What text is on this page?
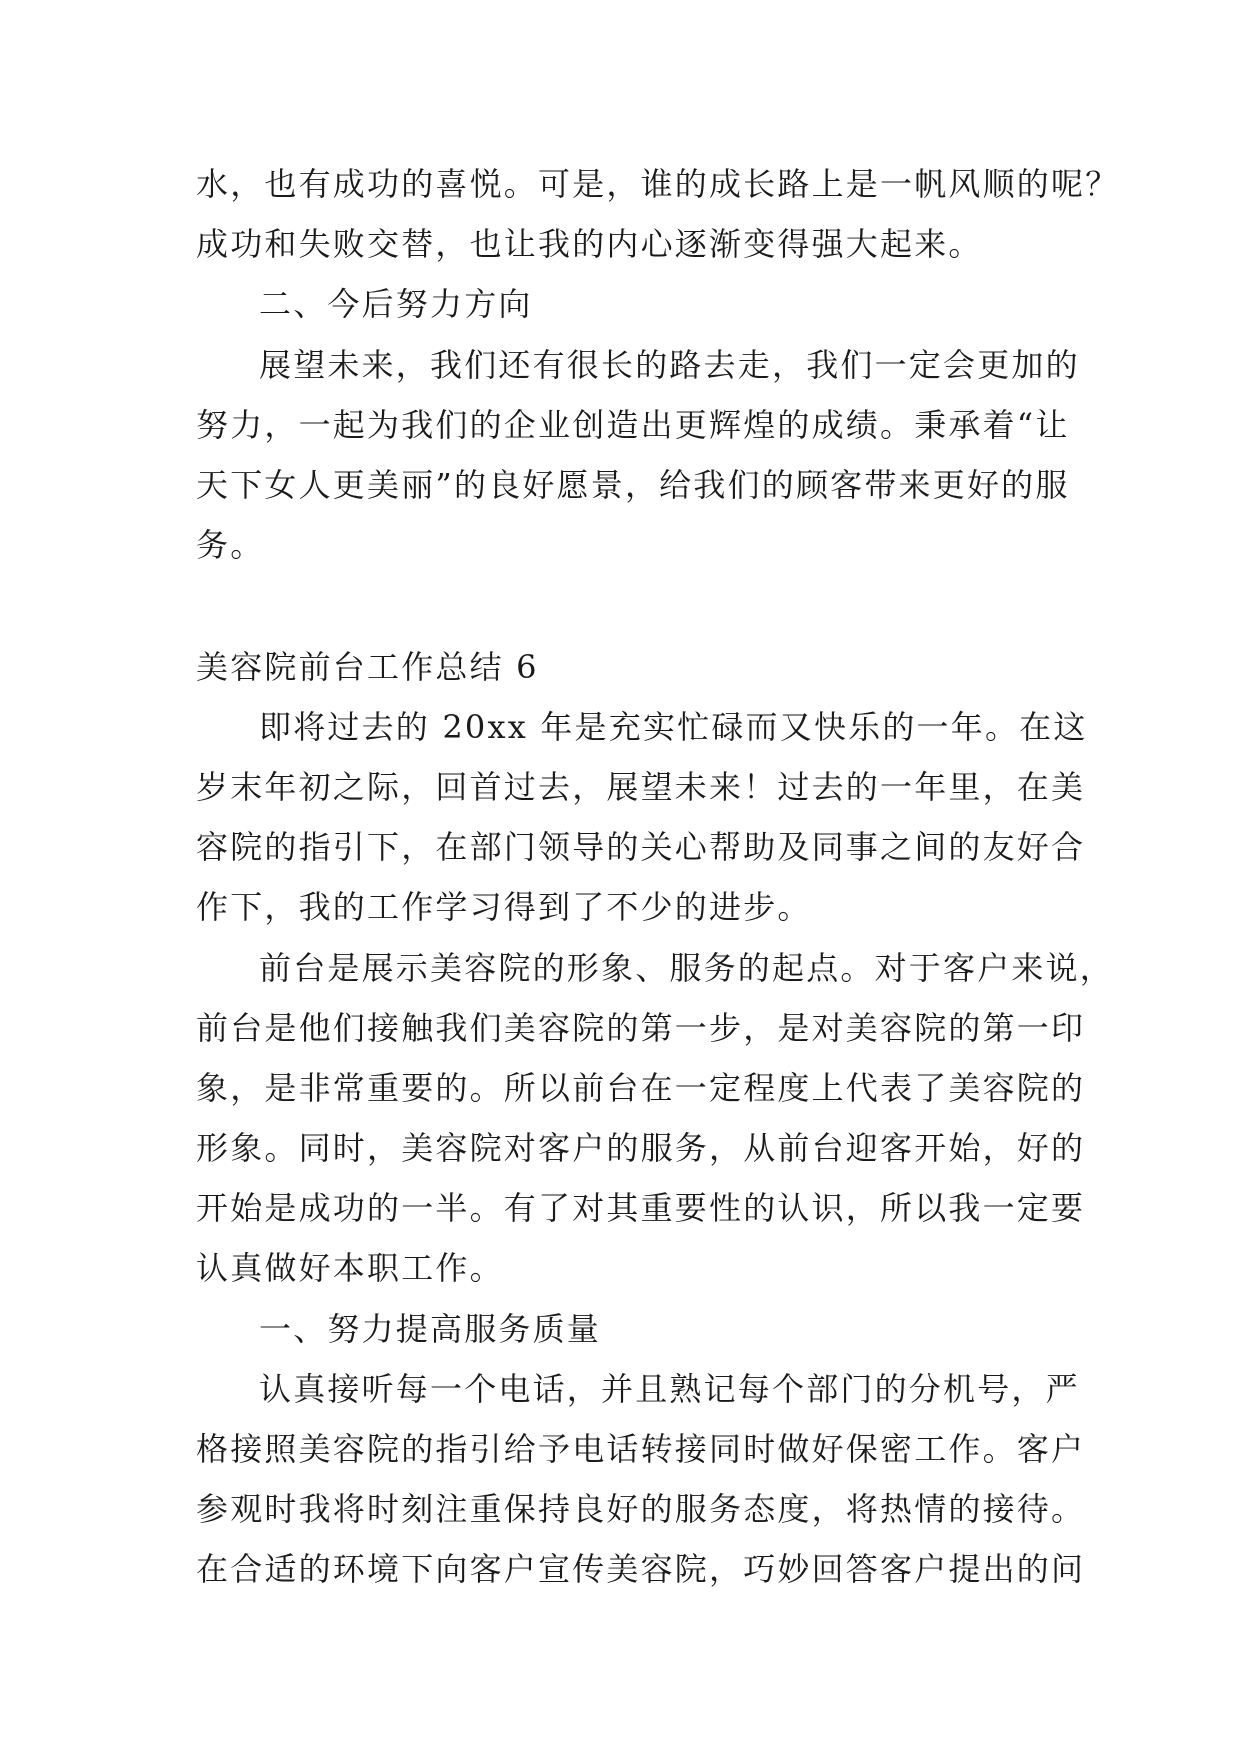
水，也有成功的喜悦。可是，谁的成长路上是一帆风顺的呢？
成功和失败交替，也让我的内心逐渐变得强大起来。
二、今后努力方向
展望未来，我们还有很长的路去走，我们一定会更加的
努力，一起为我们的企业创造出更辉煌的成绩。秉承着“让
天下女人更美丽”的良好愿景，给我们的顾客带来更好的服
务。
美容院前台工作总结 6
即将过去的 20xx 年是充实忙碌而又快乐的一年。在这
岁末年初之际，回首过去，展望未来！过去的一年里，在美
容院的指引下，在部门领导的关心帮助及同事之间的友好合
作下，我的工作学习得到了不少的进步。
前台是展示美容院的形象、服务的起点。对于客户来说，
前台是他们接触我们美容院的第一步，是对美容院的第一印
象，是非常重要的。所以前台在一定程度上代表了美容院的
形象。同时，美容院对客户的服务，从前台迎客开始，好的
开始是成功的一半。有了对其重要性的认识，所以我一定要
认真做好本职工作。
一、努力提高服务质量
认真接听每一个电话，并且熟记每个部门的分机号，严
格接照美容院的指引给予电话转接同时做好保密工作。客户
参观时我将时刻注重保持良好的服务态度，将热情的接待。
在合适的环境下向客户宣传美容院，巧妙回答客户提出的问
